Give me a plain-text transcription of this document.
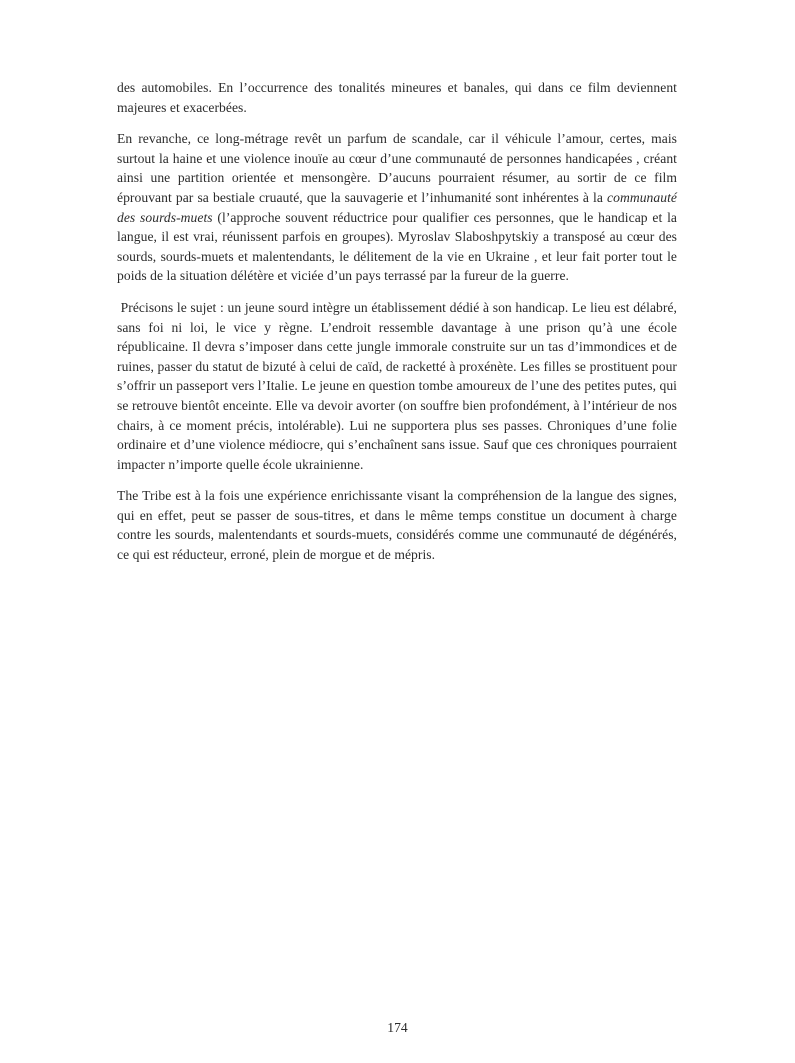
des automobiles. En l’occurrence des tonalités mineures et banales, qui dans ce film deviennent majeures et exacerbées.

En revanche, ce long-métrage revêt un parfum de scandale, car il véhicule l’amour, certes, mais surtout la haine et une violence inouïe au cœur d’une communauté de personnes handicapées , créant ainsi une partition orientée et mensongère. D’aucuns pourraient résumer, au sortir de ce film éprouvant par sa bestiale cruauté, que la sauvagerie et l’inhumanité sont inhérentes à la communauté des sourds-muets (l’approche souvent réductrice pour qualifier ces personnes, que le handicap et la langue, il est vrai, réunissent parfois en groupes). Myroslav Slaboshpytskiy a transposé au cœur des sourds, sourds-muets et malentendants, le délitement de la vie en Ukraine , et leur fait porter tout le poids de la situation délétère et viciée d’un pays terrassé par la fureur de la guerre.

Précisons le sujet : un jeune sourd intègre un établissement dédié à son handicap. Le lieu est délabré, sans foi ni loi, le vice y règne. L’endroit ressemble davantage à une prison qu’à une école républicaine. Il devra s’imposer dans cette jungle immorale construite sur un tas d’immondices et de ruines, passer du statut de bizuté à celui de caïd, de racketté à proxénète. Les filles se prostituent pour s’offrir un passeport vers l’Italie. Le jeune en question tombe amoureux de l’une des petites putes, qui se retrouve bientôt enceinte. Elle va devoir avorter (on souffre bien profondément, à l’intérieur de nos chairs, à ce moment précis, intolérable). Lui ne supportera plus ses passes. Chroniques d’une folie ordinaire et d’une violence médiocre, qui s’enchaînent sans issue. Sauf que ces chroniques pourraient impacter n’importe quelle école ukrainienne.

The Tribe est à la fois une expérience enrichissante visant la compréhension de la langue des signes, qui en effet, peut se passer de sous-titres, et dans le même temps constitue un document à charge contre les sourds, malentendants et sourds-muets, considérés comme une communauté de dégénérés, ce qui est réducteur, erroné, plein de morgue et de mépris.

174
